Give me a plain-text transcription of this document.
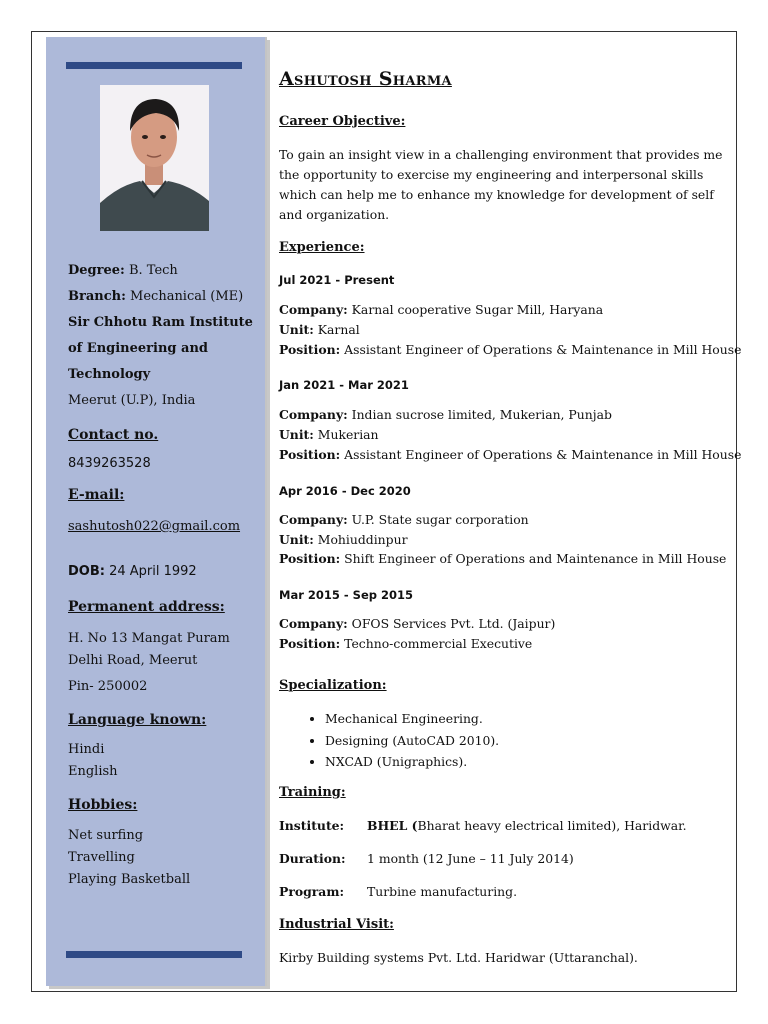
Degree: B. Tech
Branch: Mechanical (ME)
Sir Chhotu Ram Institute
of Engineering and
Technology
Meerut (U.P), India
Contact no.
8439263528
E-mail:
sashutosh022@gmail.com
DOB: 24 April 1992
Permanent address:
H. No 13 Mangat Puram
Delhi Road, Meerut
Pin- 250002
Language known:
Hindi
English
Hobbies:
Net surfing
Travelling
Playing Basketball
Ashutosh Sharma
Career Objective:
To gain an insight view in a challenging environment that provides me the opportunity to exercise my engineering and interpersonal skills which can help me to enhance my knowledge for development of self and organization.
Experience:
Jul 2021 - Present
Company: Karnal cooperative Sugar Mill, Haryana
Unit: Karnal
Position: Assistant Engineer of Operations & Maintenance in Mill House
Jan 2021 - Mar 2021
Company: Indian sucrose limited, Mukerian, Punjab
Unit: Mukerian
Position: Assistant Engineer of Operations & Maintenance in Mill House
Apr 2016 - Dec 2020
Company: U.P. State sugar corporation
Unit: Mohiuddinpur
Position: Shift Engineer of Operations and Maintenance in Mill House
Mar 2015 - Sep 2015
Company: OFOS Services Pvt. Ltd. (Jaipur)
Position: Techno-commercial Executive
Specialization:
• Mechanical Engineering.
• Designing (AutoCAD 2010).
• NXCAD (Unigraphics).
Training:
Institute: BHEL (Bharat heavy electrical limited), Haridwar.
Duration: 1 month (12 June – 11 July 2014)
Program: Turbine manufacturing.
Industrial Visit:
Kirby Building systems Pvt. Ltd. Haridwar (Uttaranchal).
